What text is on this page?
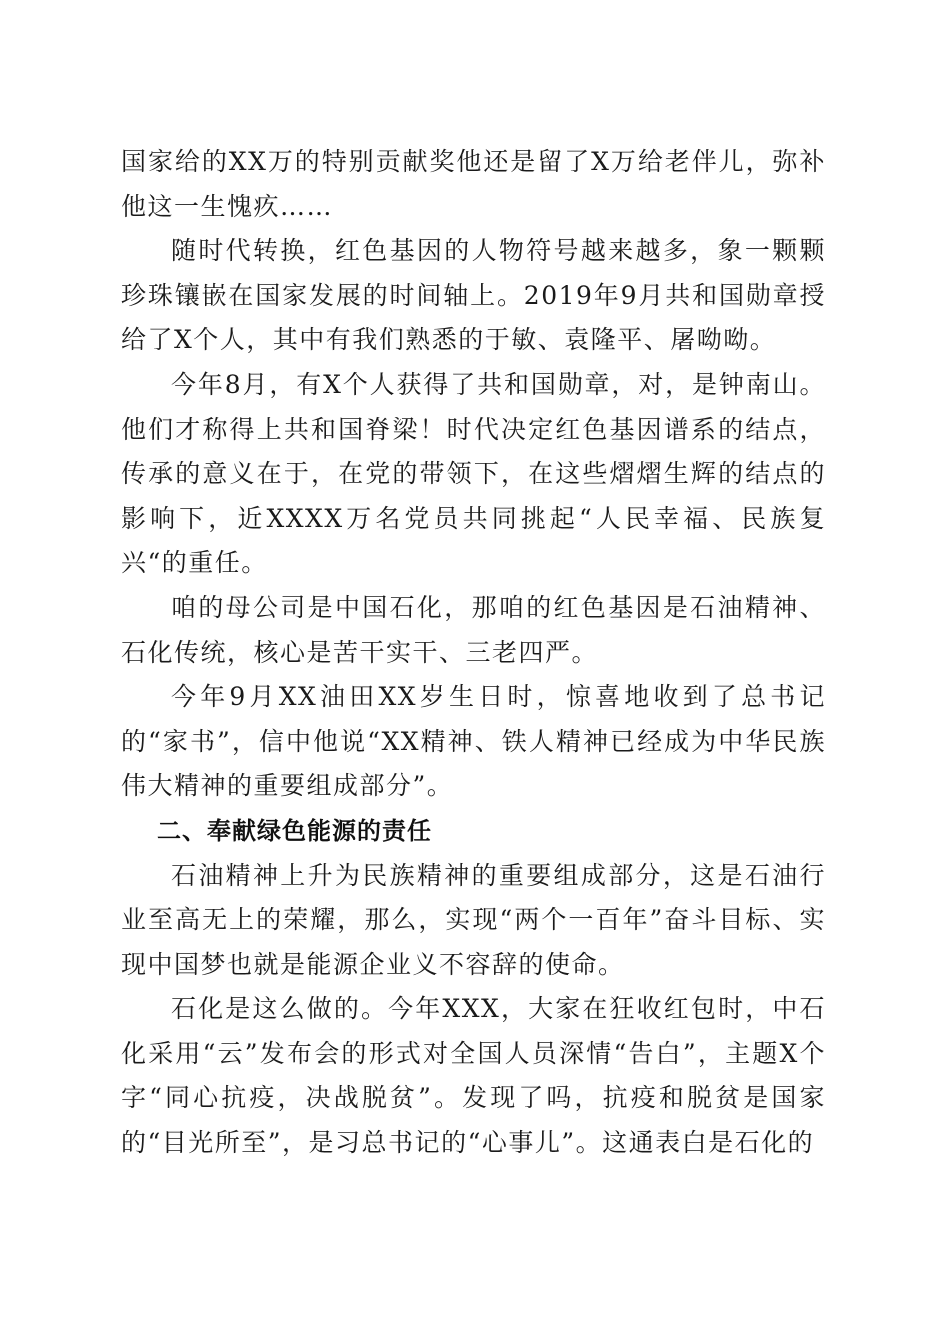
国家给的XX万的特别贡献奖他还是留了X万给老伴儿，弥补他这一生愧疚……

随时代转换，红色基因的人物符号越来越多，象一颗颗珍珠镶嵌在国家发展的时间轴上。2019年9月共和国勋章授给了X个人，其中有我们熟悉的于敏、袁隆平、屠呦呦。

今年8月，有X个人获得了共和国勋章，对，是钟南山。他们才称得上共和国脊梁！时代决定红色基因谱系的结点，传承的意义在于，在党的带领下，在这些熠熠生辉的结点的影响下，近XXXX万名党员共同挑起“人民幸福、民族复兴“的重任。

咱的母公司是中国石化，那咱的红色基因是石油精神、石化传统，核心是苦干实干、三老四严。

今年9月XX油田XX岁生日时，惊喜地收到了总书记的“家书”，信中他说“XX精神、铁人精神已经成为中华民族伟大精神的重要组成部分”。

二、奉献绿色能源的责任

石油精神上升为民族精神的重要组成部分，这是石油行业至高无上的荣耀，那么，实现“两个一百年”奋斗目标、实现中国梦也就是能源企业义不容辞的使命。

石化是这么做的。今年XXX，大家在狂收红包时，中石化采用“云”发布会的形式对全国人员深情“告白”，主题X个字“同心抗疫，决战脱贫”。发现了吗，抗疫和脱贫是国家的“目光所至”，是习总书记的“心事儿”。这通表白是石化的
